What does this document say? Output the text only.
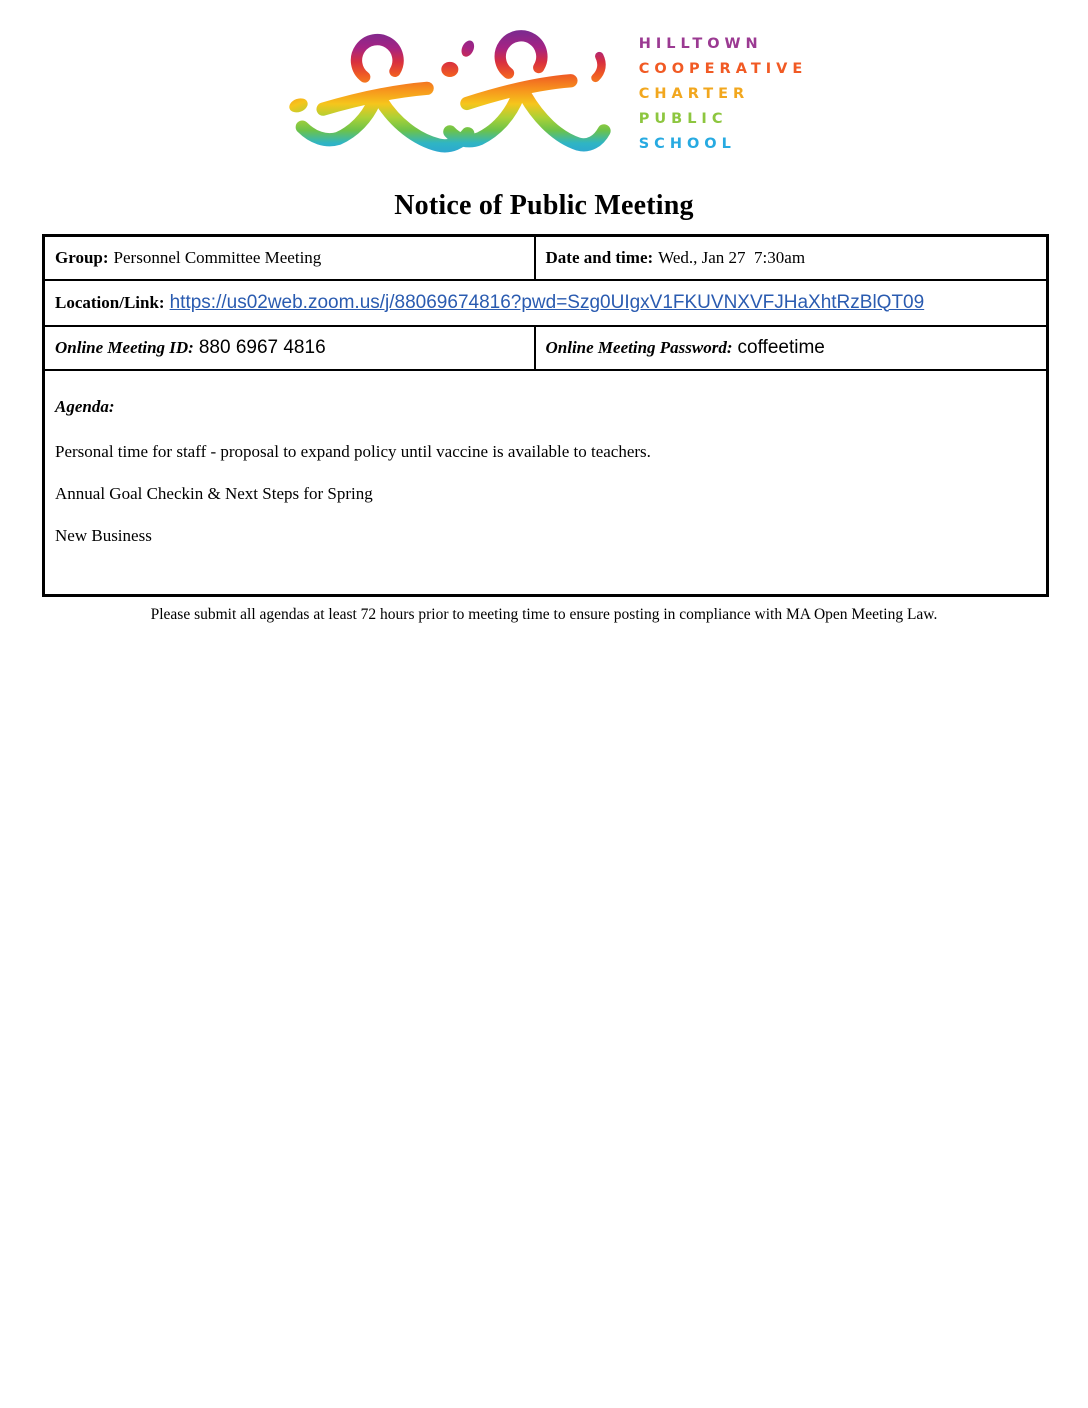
HILLTOWN
COOPERATIVE
CHARTER
PUBLIC
SCHOOL
Notice of Public Meeting
Group: Personnel Committee Meeting	Date and time: Wed., Jan 27  7:30am
Location/Link: https://us02web.zoom.us/j/88069674816?pwd=Szg0UIgxV1FKUVNXVFJHaXhtRzBlQT09	
Online Meeting ID: 880 6967 4816	Online Meeting Password: coffeetime

Agenda:

Personal time for staff - proposal to expand policy until vaccine is available to teachers.

Annual Goal Checkin & Next Steps for Spring

New Business	

Please submit all agendas at least 72 hours prior to meeting time to ensure posting in compliance with MA Open Meeting Law.
